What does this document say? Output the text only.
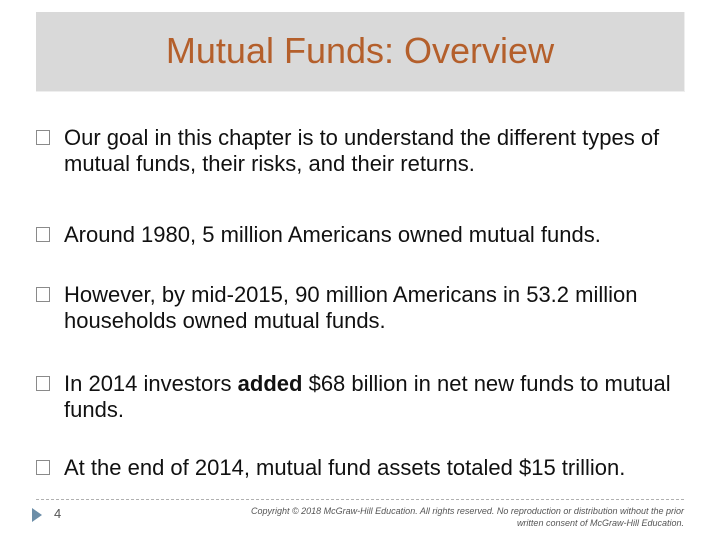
Mutual Funds: Overview
Our goal in this chapter is to understand the different types of mutual funds, their risks, and their returns.
Around 1980, 5 million Americans owned mutual funds.
However, by mid-2015, 90 million Americans in 53.2 million households owned mutual funds.
In 2014 investors added $68 billion in net new funds to mutual funds.
At the end of 2014, mutual fund assets totaled $15 trillion.
4	Copyright © 2018 McGraw-Hill Education. All rights reserved. No reproduction or distribution without the prior written consent of McGraw-Hill Education.
